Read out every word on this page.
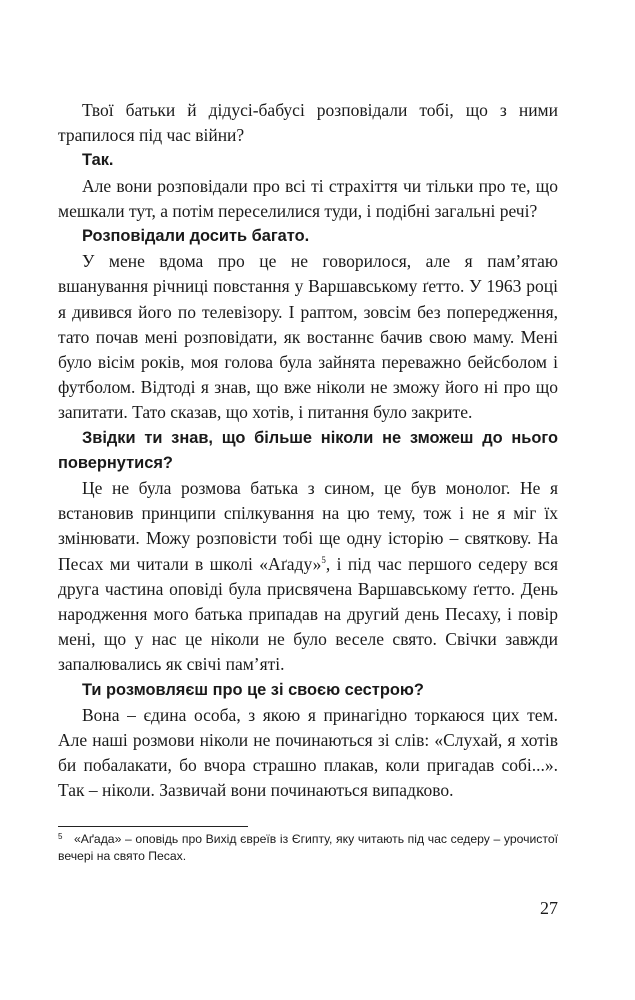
Твої батьки й дідусі-бабусі розповідали тобі, що з ними трапилося під час війни?

Так.

Але вони розповідали про всі ті страхіття чи тільки про те, що мешкали тут, а потім переселилися туди, і подібні загальні речі?

Розповідали досить багато.

У мене вдома про це не говорилося, але я пам’ятаю вшанування річниці повстання у Варшавському ґетто. У 1963 році я дивився його по телевізору. І раптом, зовсім без попередження, тато почав мені розповідати, як востаннє бачив свою маму. Мені було вісім років, моя голова була зайнята переважно бейсболом і футболом. Відтоді я знав, що вже ніколи не зможу його ні про що запитати. Тато сказав, що хотів, і питання було закрите.

Звідки ти знав, що більше ніколи не зможеш до нього повернутися?

Це не була розмова батька з сином, це був монолог. Не я встановив принципи спілкування на цю тему, тож і не я міг їх змінювати. Можу розповісти тобі ще одну історію – святкову. На Песах ми читали в школі «Аґаду»$^5$, і під час першого седеру вся друга частина оповіді була присвячена Варшавському ґетто. День народження мого батька припадав на другий день Песаху, і повір мені, що у нас це ніколи не було веселе свято. Свічки завжди запалювались як свічі пам’яті.

Ти розмовляєш про це зі своєю сестрою?

Вона – єдина особа, з якою я принагідно торкаюся цих тем. Але наші розмови ніколи не починаються зі слів: «Слухай, я хотів би побалакати, бо вчора страшно плакав, коли пригадав собі...». Так – ніколи. Зазвичай вони починаються випадково.

5 «Аґада» – оповідь про Вихід євреїв із Єгипту, яку читають під час седеру – урочистої вечері на свято Песах.
27
